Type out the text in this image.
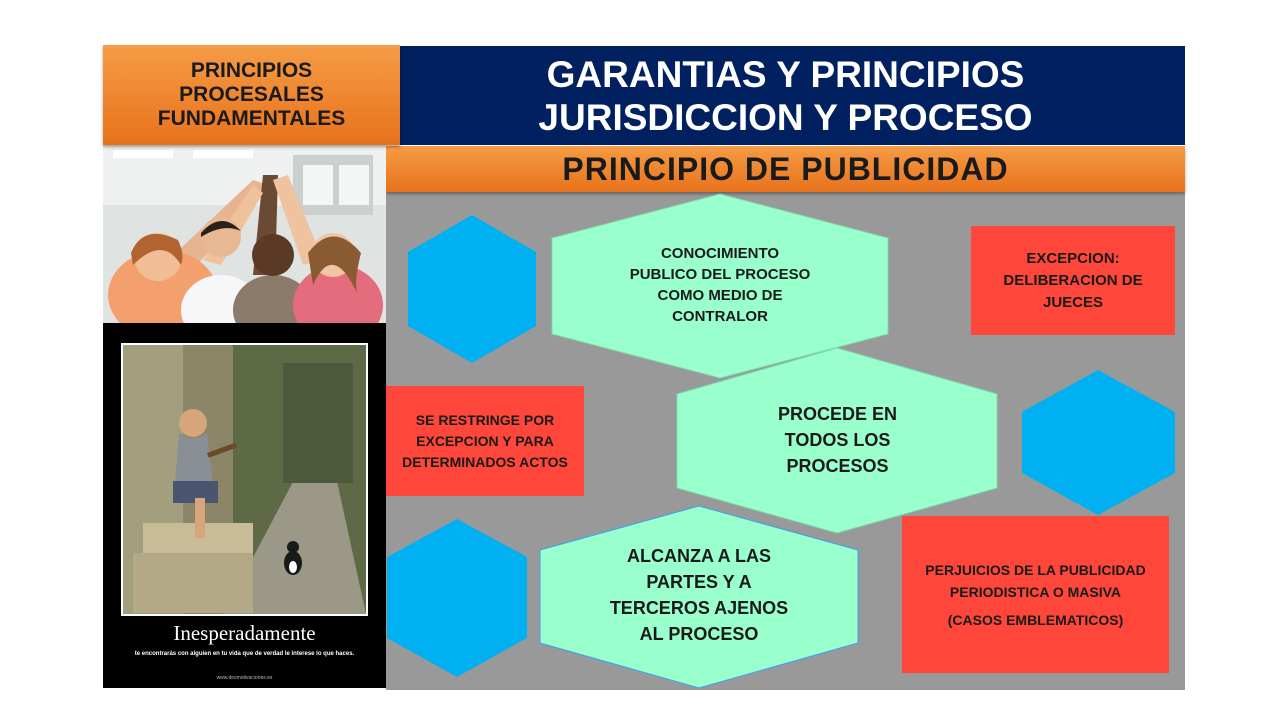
GARANTIAS Y PRINCIPIOS
JURISDICCION Y PROCESO
PRINCIPIO DE PUBLICIDAD
Inesperadamente
te encontrarás con alguien en tu vida que de verdad le interese lo que haces.
www.desmotivaciones.es
PRINCIPIOS
PROCESALES
FUNDAMENTALES
CONOCIMIENTO
PUBLICO DEL PROCESO
COMO MEDIO DE
CONTRALOR
PROCEDE EN
TODOS LOS
PROCESOS
ALCANZA A LAS
PARTES Y A
TERCEROS AJENOS
AL PROCESO
EXCEPCION:
DELIBERACION DE
JUECES
SE RESTRINGE POR
EXCEPCION Y PARA
DETERMINADOS ACTOS
PERJUICIOS DE LA PUBLICIDAD
PERIODISTICA O MASIVA
(CASOS EMBLEMATICOS)
